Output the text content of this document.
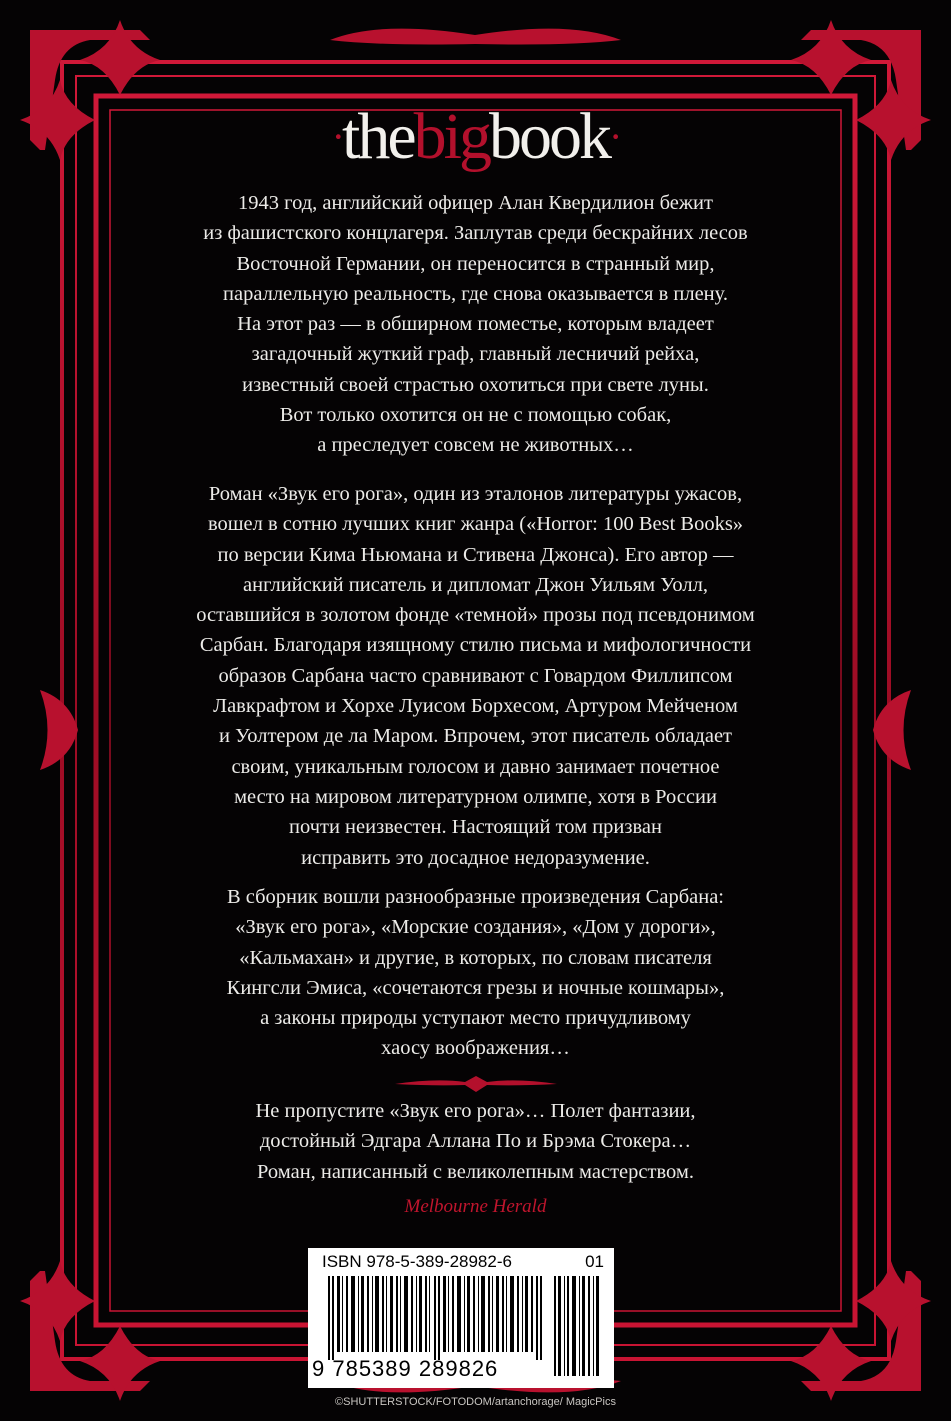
·thebigbook·
1943 год, английский офицер Алан Квердилион бежит
из фашистского концлагеря. Заплутав среди бескрайних лесов
Восточной Германии, он переносится в странный мир,
параллельную реальность, где снова оказывается в плену.
На этот раз — в обширном поместье, которым владеет
загадочный жуткий граф, главный лесничий рейха,
известный своей страстью охотиться при свете луны.
Вот только охотится он не с помощью собак,
а преследует совсем не животных…
Роман «Звук его рога», один из эталонов литературы ужасов,
вошел в сотню лучших книг жанра («Horror: 100 Best Books»
по версии Кима Ньюмана и Стивена Джонса). Его автор —
английский писатель и дипломат Джон Уильям Уолл,
оставшийся в золотом фонде «темной» прозы под псевдонимом
Сарбан. Благодаря изящному стилю письма и мифологичности
образов Сарбана часто сравнивают с Говардом Филлипсом
Лавкрафтом и Хорхе Луисом Борхесом, Артуром Мейченом
и Уолтером де ла Маром. Впрочем, этот писатель обладает
своим, уникальным голосом и давно занимает почетное
место на мировом литературном олимпе, хотя в России
почти неизвестен. Настоящий том призван
исправить это досадное недоразумение.
В сборник вошли разнообразные произведения Сарбана:
«Звук его рога», «Морские создания», «Дом у дороги»,
«Кальмахан» и другие, в которых, по словам писателя
Кингсли Эмиса, «сочетаются грезы и ночные кошмары»,
а законы природы уступают место причудливому
хаосу воображения…
Не пропустите «Звук его рога»… Полет фантазии,
достойный Эдгара Аллана По и Брэма Стокера…
Роман, написанный с великолепным мастерством.
Melbourne Herald
ISBN 978-5-389-28982-6	01
9 785389 289826
©SHUTTERSTOCK/FOTODOM/artanchorage/ MagicPics
